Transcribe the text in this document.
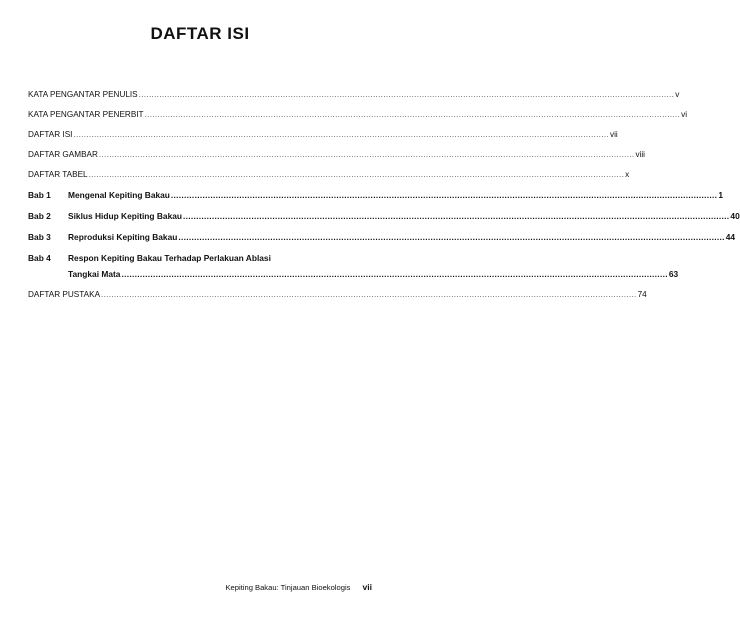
DAFTAR ISI
KATA PENGANTAR PENULIS .....	v
KATA PENGANTAR PENERBIT .....	vi
DAFTAR ISI .....	vii
DAFTAR GAMBAR .....	viii
DAFTAR TABEL .....	x
Bab 1	Mengenal Kepiting Bakau .....	1
Bab 2	Siklus Hidup Kepiting Bakau .....	40
Bab 3	Reproduksi Kepiting Bakau .....	44
Bab 4	Respon Kepiting Bakau Terhadap Perlakuan Ablasi
Tangkai Mata .....	63
DAFTAR PUSTAKA .....	74
Kepiting Bakau: Tinjauan Bioekologis vii
